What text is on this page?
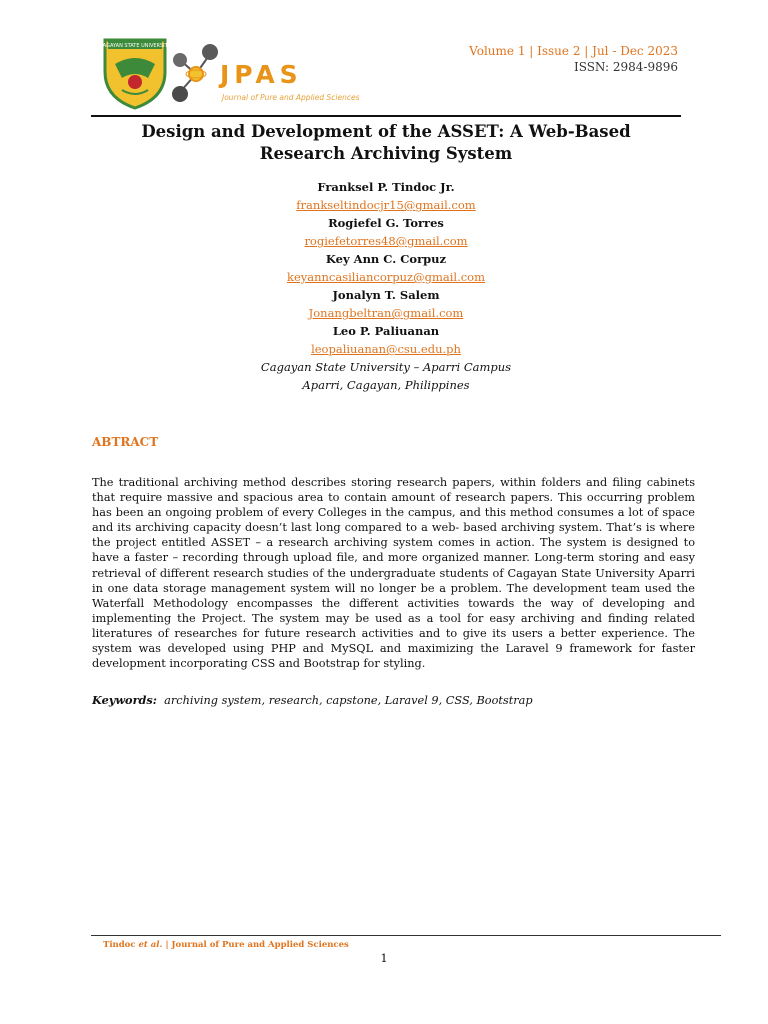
CAGAYAN STATE UNIVERSITY
JPAS
Journal of Pure and Applied Sciences
Volume 1 | Issue 2 | Jul - Dec 2023
ISSN: 2984-9896
Design and Development of the ASSET: A Web-Based
Research Archiving System
Franksel P. Tindoc Jr.
frankseltindocjr15@gmail.com
Rogiefel G. Torres
rogiefetorres48@gmail.com
Key Ann C. Corpuz
keyanncasiliancorpuz@gmail.com
Jonalyn T. Salem
Jonangbeltran@gmail.com
Leo P. Paliuanan
leopaliuanan@csu.edu.ph
Cagayan State University – Aparri Campus
Aparri, Cagayan, Philippines
ABTRACT
The traditional archiving method describes storing research papers, within folders and filing cabinets that require massive and spacious area to contain amount of research papers. This occurring problem has been an ongoing problem of every Colleges in the campus, and this method consumes a lot of space and its archiving capacity doesn’t last long compared to a web- based archiving system. That’s is where the project entitled ASSET – a research archiving system comes in action. The system is designed to have a faster – recording through upload file, and more organized manner. Long-term storing and easy retrieval of different research studies of the undergraduate students of Cagayan State University Aparri in one data storage management system will no longer be a problem. The development team used the Waterfall Methodology encompasses the different activities towards the way of developing and implementing the Project. The system may be used as a tool for easy archiving and finding related literatures of researches for future research activities and to give its users a better experience. The system was developed using PHP and MySQL and maximizing the Laravel 9 framework for faster development incorporating CSS and Bootstrap for styling.
Keywords: archiving system, research, capstone, Laravel 9, CSS, Bootstrap
Tindoc et al. | Journal of Pure and Applied Sciences
1
